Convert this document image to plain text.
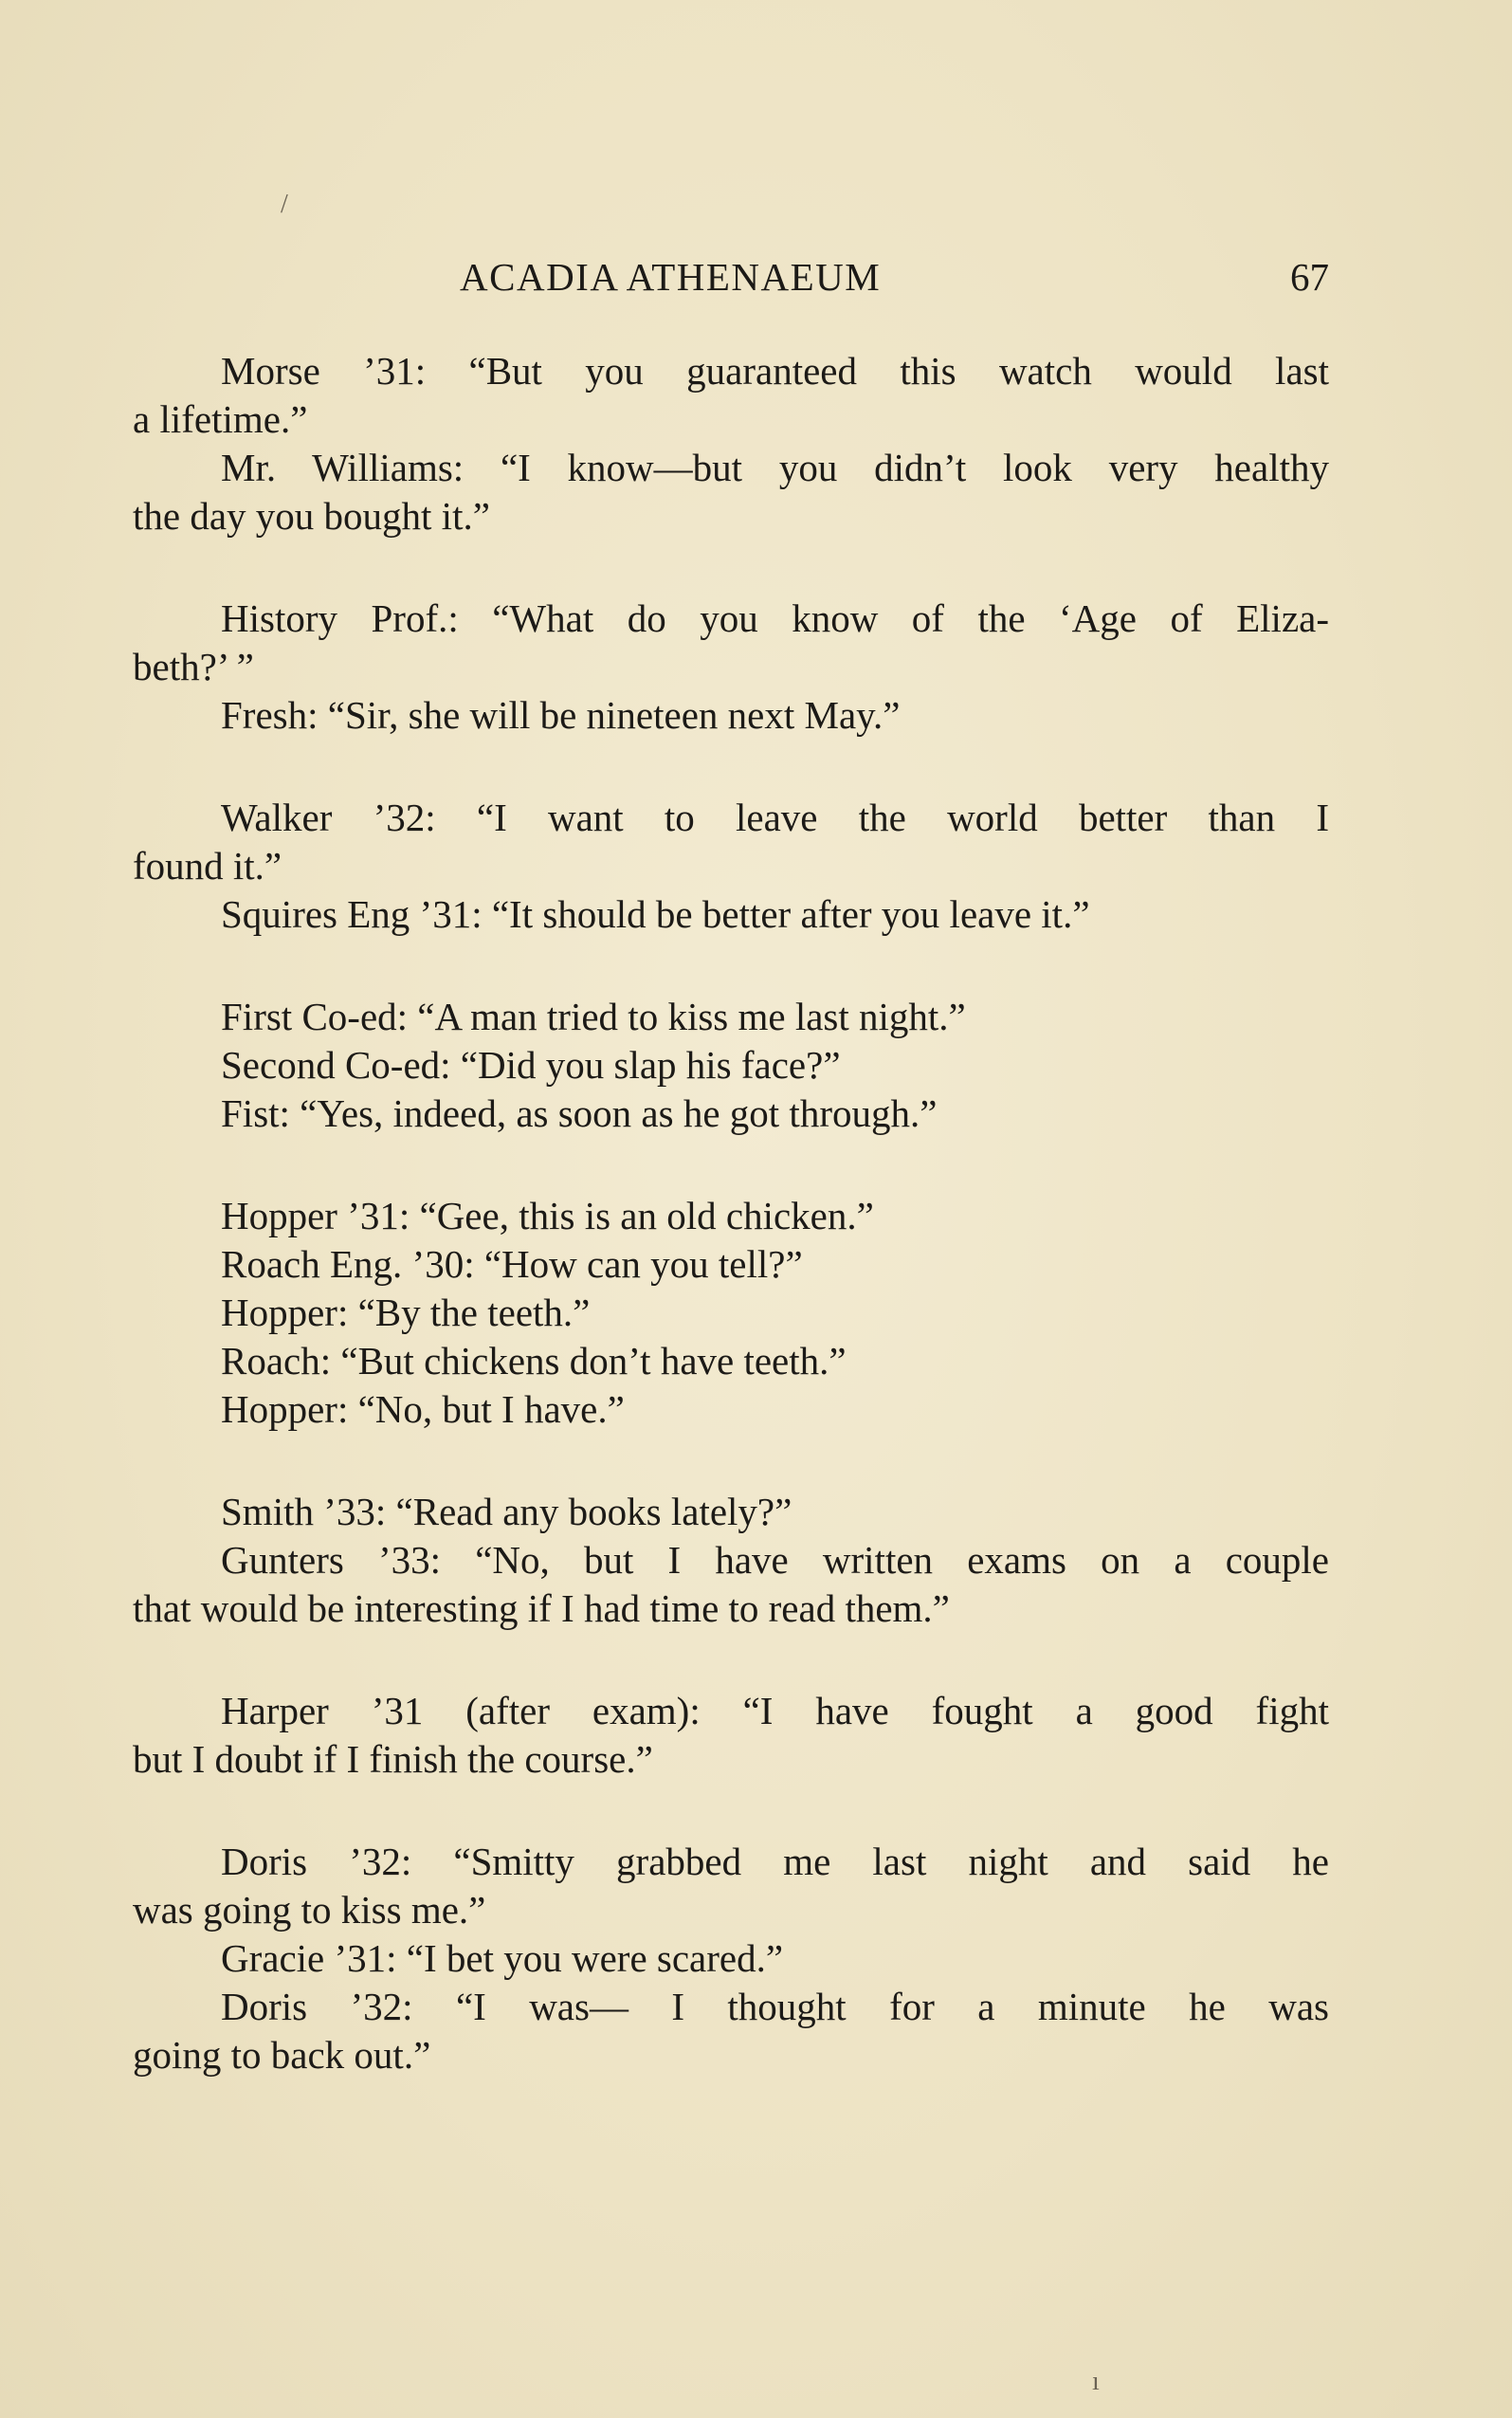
ACADIA ATHENAEUM	67
Morse ’31: “But you guaranteed this watch would last
a lifetime.”
Mr. Williams: “I know—but you didn’t look very healthy
the day you bought it.”
History Prof.: “What do you know of the ‘Age of Eliza-
beth?’ ”
Fresh: “Sir, she will be nineteen next May.”
Walker ’32: “I want to leave the world better than I
found it.”
Squires Eng ’31: “It should be better after you leave it.”
First Co-ed: “A man tried to kiss me last night.”
Second Co-ed: “Did you slap his face?”
Fist: “Yes, indeed, as soon as he got through.”
Hopper ’31: “Gee, this is an old chicken.”
Roach Eng. ’30: “How can you tell?”
Hopper: “By the teeth.”
Roach: “But chickens don’t have teeth.”
Hopper: “No, but I have.”
Smith ’33: “Read any books lately?”
Gunters ’33: “No, but I have written exams on a couple
that would be interesting if I had time to read them.”
Harper ’31 (after exam): “I have fought a good fight
but I doubt if I finish the course.”
Doris ’32: “Smitty grabbed me last night and said he
was going to kiss me.”
Gracie ’31: “I bet you were scared.”
Doris ’32: “I was— I thought for a minute he was
going to back out.”
/
ı
